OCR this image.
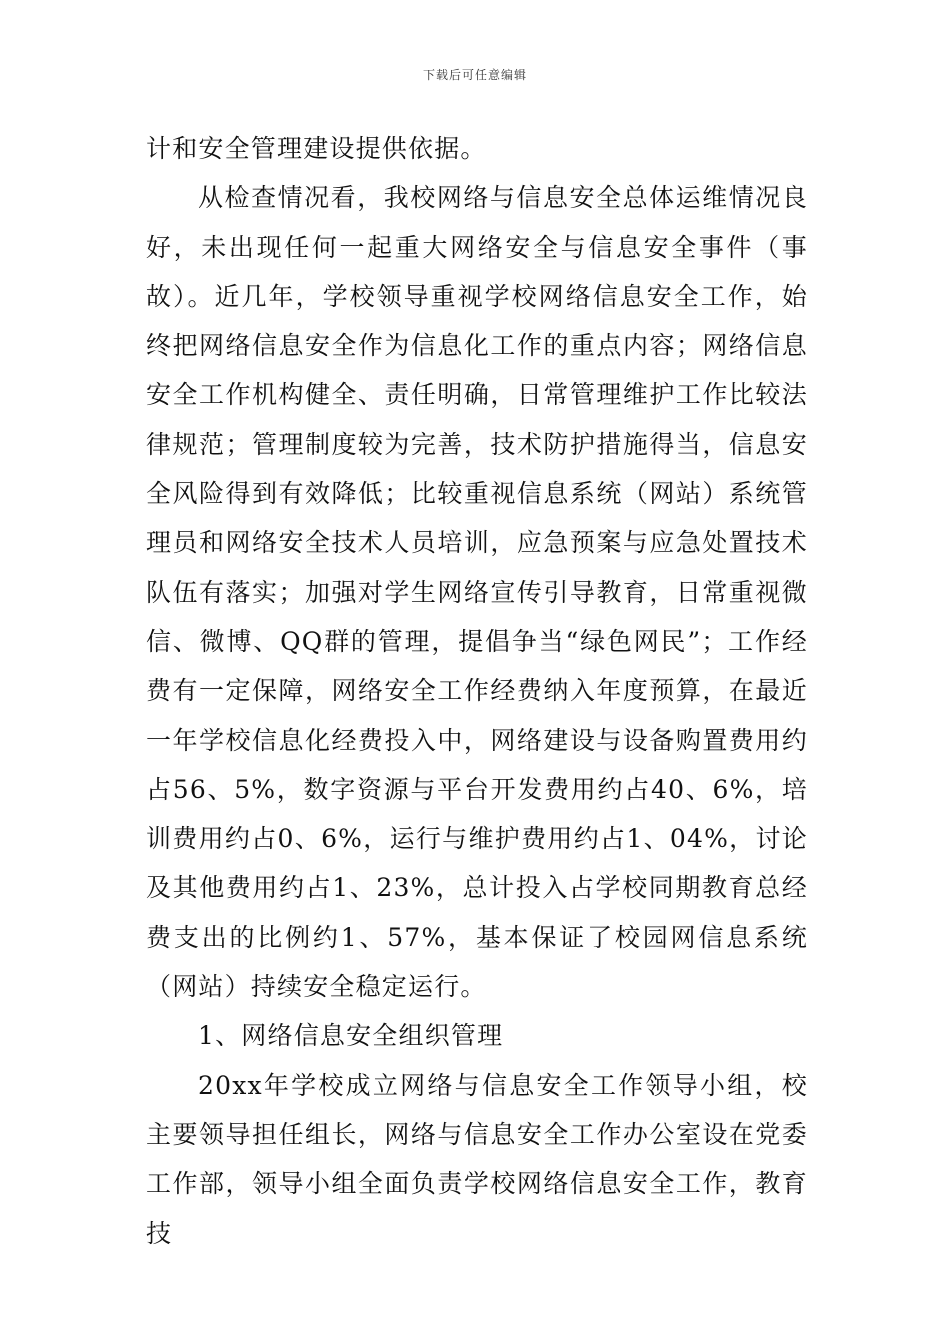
下载后可任意编辑

计和安全管理建设提供依据。

从检查情况看，我校网络与信息安全总体运维情况良好，未出现任何一起重大网络安全与信息安全事件（事故）。近几年，学校领导重视学校网络信息安全工作，始终把网络信息安全作为信息化工作的重点内容；网络信息安全工作机构健全、责任明确，日常管理维护工作比较法律规范；管理制度较为完善，技术防护措施得当，信息安全风险得到有效降低；比较重视信息系统（网站）系统管理员和网络安全技术人员培训，应急预案与应急处置技术队伍有落实；加强对学生网络宣传引导教育，日常重视微信、微博、QQ群的管理，提倡争当“绿色网民”；工作经费有一定保障，网络安全工作经费纳入年度预算，在最近一年学校信息化经费投入中，网络建设与设备购置费用约占56、5%，数字资源与平台开发费用约占40、6%，培训费用约占0、6%，运行与维护费用约占1、04%，讨论及其他费用约占1、23%，总计投入占学校同期教育总经费支出的比例约1、57%，基本保证了校园网信息系统（网站）持续安全稳定运行。

1、网络信息安全组织管理

20xx年学校成立网络与信息安全工作领导小组，校主要领导担任组长，网络与信息安全工作办公室设在党委工作部，领导小组全面负责学校网络信息安全工作，教育技
